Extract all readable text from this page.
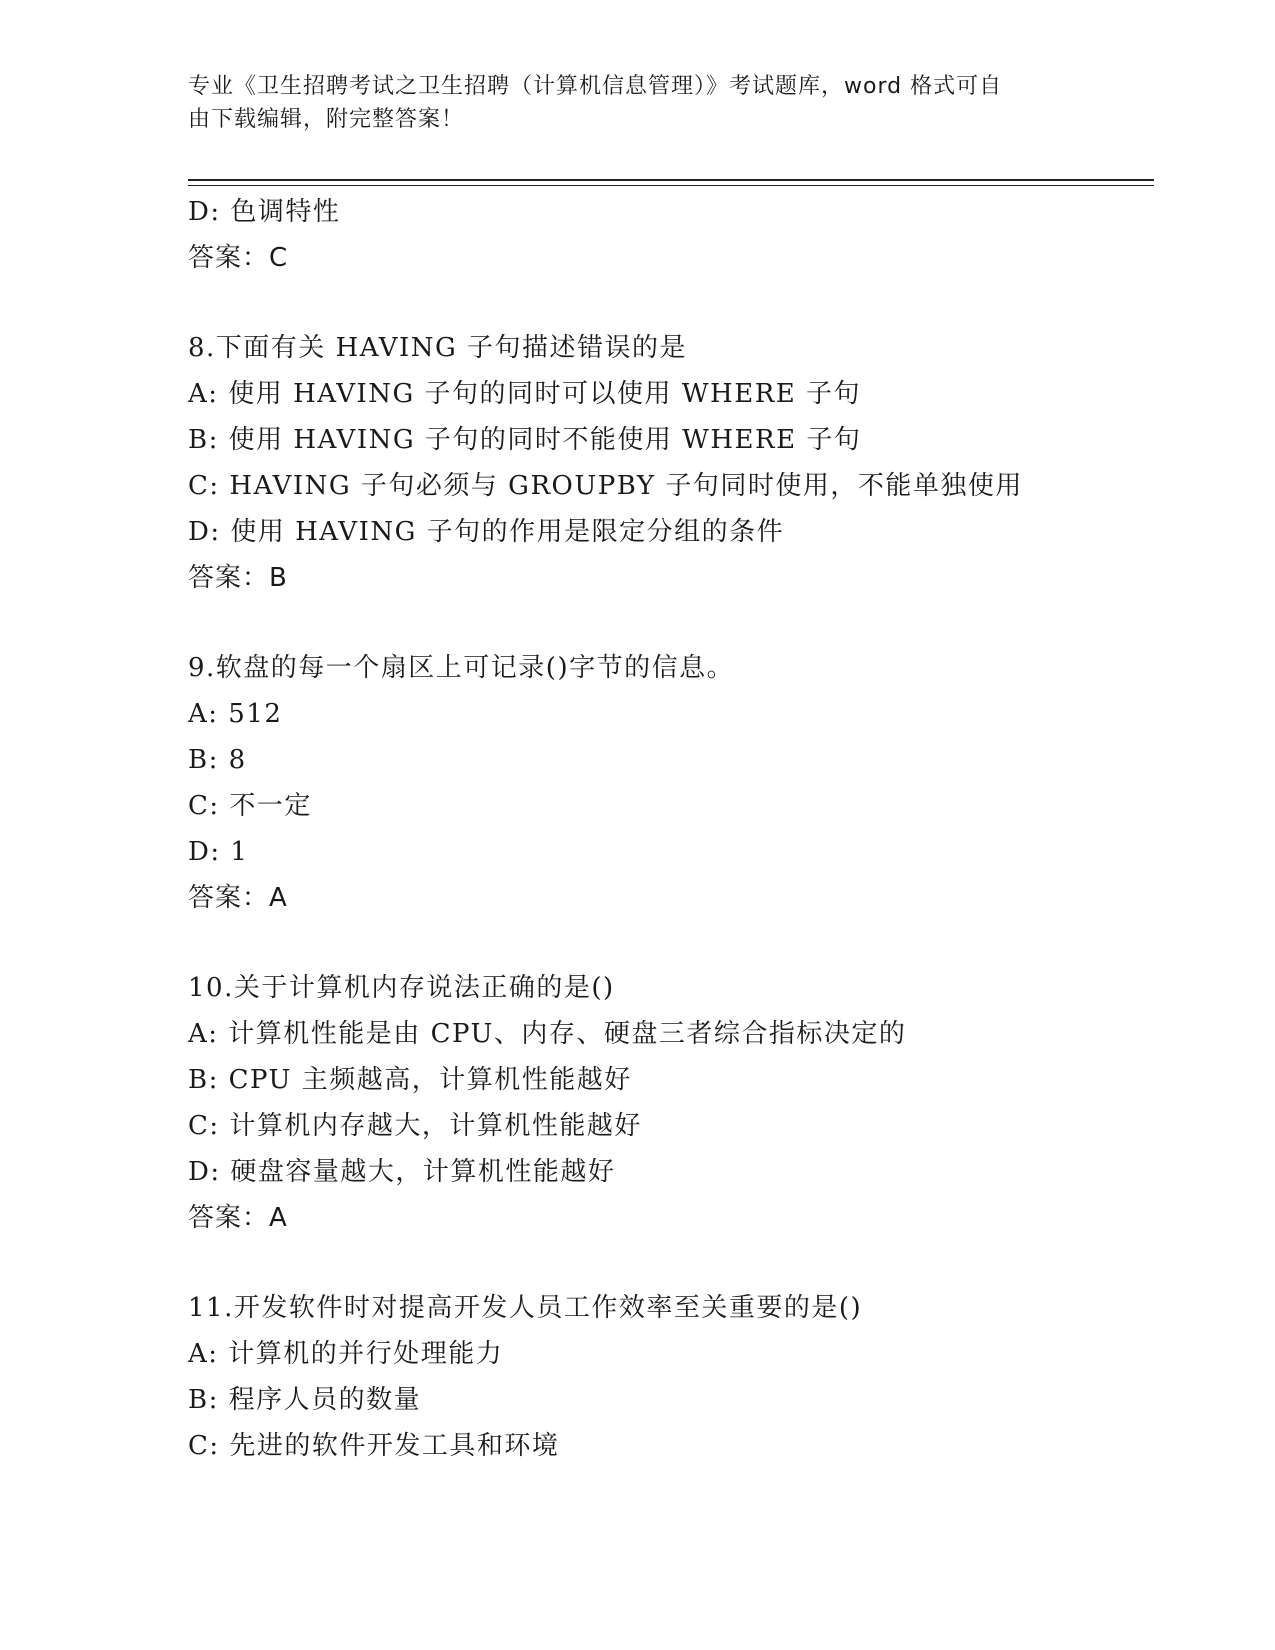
专业《卫生招聘考试之卫生招聘（计算机信息管理）》考试题库，word 格式可自
由下载编辑，附完整答案！
D: 色调特性
答案：C
8.下面有关 HAVING 子句描述错误的是
A: 使用 HAVING 子句的同时可以使用 WHERE 子句
B: 使用 HAVING 子句的同时不能使用 WHERE 子句
C: HAVING 子句必须与 GROUPBY 子句同时使用，不能单独使用
D: 使用 HAVING 子句的作用是限定分组的条件
答案：B
9.软盘的每一个扇区上可记录()字节的信息。
A: 512
B: 8
C: 不一定
D: 1
答案：A
10.关于计算机内存说法正确的是()
A: 计算机性能是由 CPU、内存、硬盘三者综合指标决定的
B: CPU 主频越高，计算机性能越好
C: 计算机内存越大，计算机性能越好
D: 硬盘容量越大，计算机性能越好
答案：A
11.开发软件时对提高开发人员工作效率至关重要的是()
A: 计算机的并行处理能力
B: 程序人员的数量
C: 先进的软件开发工具和环境
